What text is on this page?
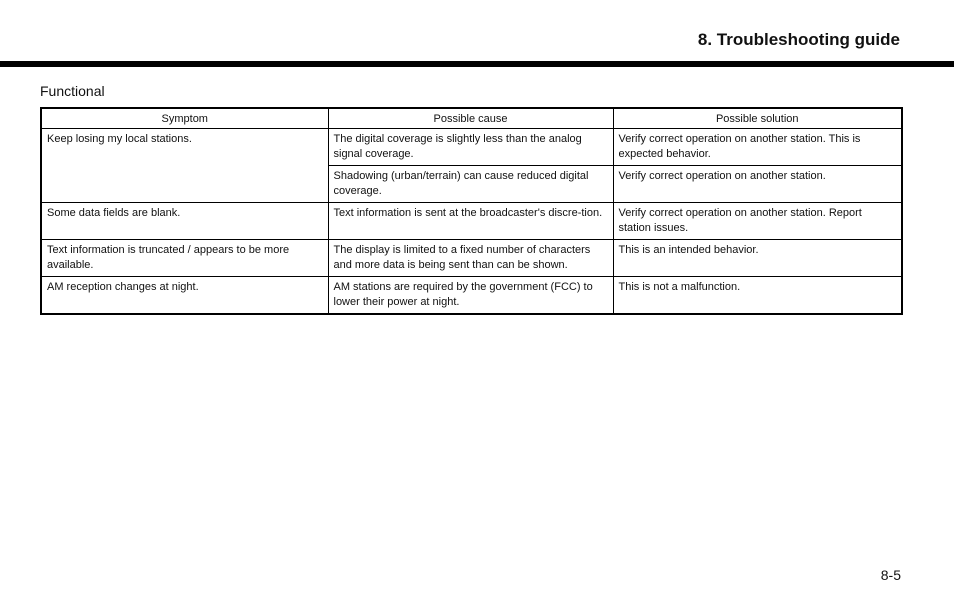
8. Troubleshooting guide
Functional
Symptom	Possible cause	Possible solution
Keep losing my local stations.	The digital coverage is slightly less than the analog signal coverage.	Verify correct operation on another station. This is expected behavior.
	Shadowing (urban/terrain) can cause reduced digital coverage.	Verify correct operation on another station.
Some data fields are blank.	Text information is sent at the broadcaster's discre-tion.	Verify correct operation on another station. Report station issues.
Text information is truncated / appears to be more available.	The display is limited to a fixed number of characters and more data is being sent than can be shown.	This is an intended behavior.
AM reception changes at night.	AM stations are required by the government (FCC) to lower their power at night.	This is not a malfunction.
8-5
